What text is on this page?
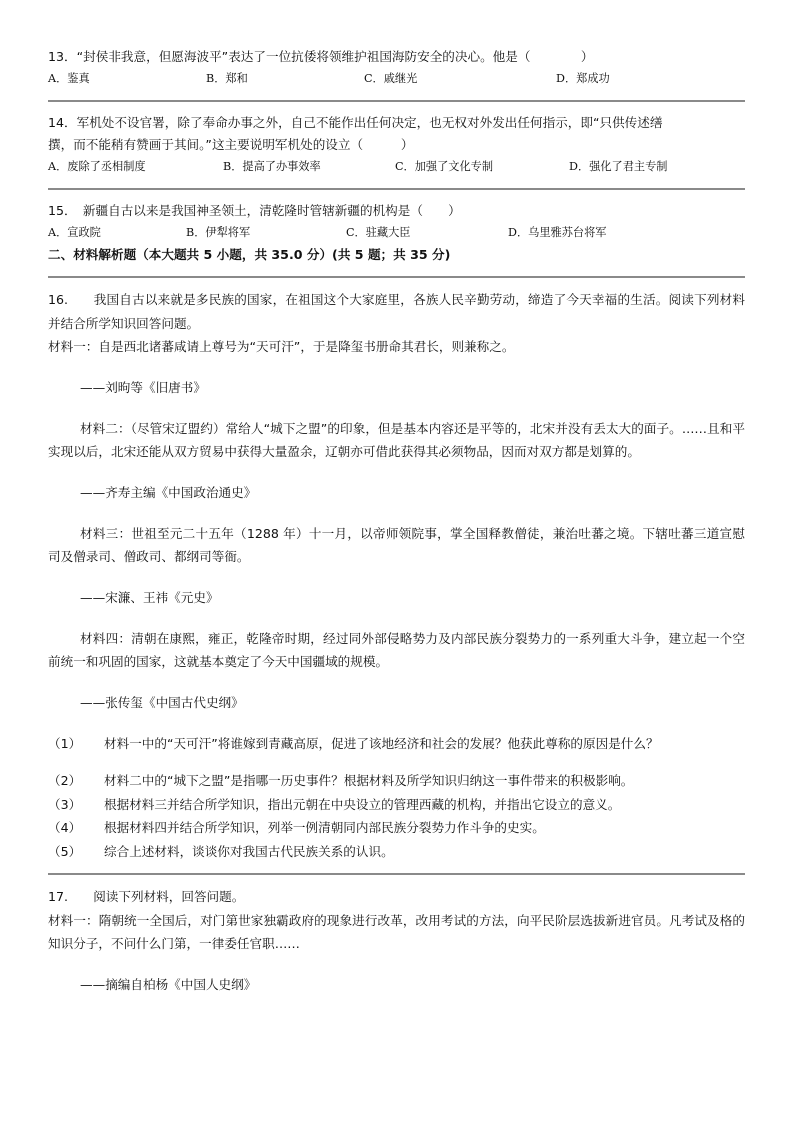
13．“封侯非我意，但愿海波平”表达了一位抗倭将领维护祖国海防安全的决心。他是（　　　　）
A．鉴真	B．郑和	C．戚继光	D．郑成功
14．军机处不设官署，除了奉命办事之外，自己不能作出任何决定，也无权对外发出任何指示，即“只供传述缮
撰，而不能稍有赞画于其间。”这主要说明军机处的设立（　　　）
A．废除了丞相制度	B．提高了办事效率	C．加强了文化专制	D．强化了君主专制
15．　新疆自古以来是我国神圣领土，清乾隆时管辖新疆的机构是（　　）
A．宣政院	B．伊犁将军	C．驻藏大臣	D．乌里雅苏台将军
二、材料解析题（本大题共 5 小题，共 35.0 分）(共 5 题；共 35 分)
16.　　我国自古以来就是多民族的国家，在祖国这个大家庭里，各族人民辛勤劳动，缔造了今天幸福的生活。阅读下列材料并结合所学知识回答问题。
材料一：自是西北诸蕃咸请上尊号为“天可汗”，于是降玺书册命其君长，则兼称之。
——刘昫等《旧唐书》
材料二：（尽管宋辽盟约）常给人“城下之盟”的印象，但是基本内容还是平等的，北宋并没有丢太大的面子。……且和平实现以后，北宋还能从双方贸易中获得大量盈余，辽朝亦可借此获得其必须物品，因而对双方都是划算的。
——齐寿主编《中国政治通史》
材料三：世祖至元二十五年（1288 年）十一月，以帝师领院事，掌全国释教僧徒，兼治吐蕃之境。下辖吐蕃三道宣慰司及僧录司、僧政司、都纲司等衙。
——宋濂、王祎《元史》
材料四：清朝在康熙，雍正，乾隆帝时期，经过同外部侵略势力及内部民族分裂势力的一系列重大斗争，建立起一个空前统一和巩固的国家，这就基本奠定了今天中国疆域的规模。
——张传玺《中国古代史纲》
（1）	材料一中的“天可汗”将谁嫁到青藏高原，促进了该地经济和社会的发展？他获此尊称的原因是什么？
（2）	材料二中的“城下之盟”是指哪一历史事件？根据材料及所学知识归纳这一事件带来的积极影响。
（3）	根据材料三并结合所学知识，指出元朝在中央设立的管理西藏的机构，并指出它设立的意义。
（4）	根据材料四并结合所学知识，列举一例清朝同内部民族分裂势力作斗争的史实。
（5）	综合上述材料，谈谈你对我国古代民族关系的认识。
17.　　阅读下列材料，回答问题。
材料一：隋朝统一全国后，对门第世家独霸政府的现象进行改革，改用考试的方法，向平民阶层选拔新进官员。凡考试及格的知识分子，不问什么门第，一律委任官职……
——摘编自柏杨《中国人史纲》
